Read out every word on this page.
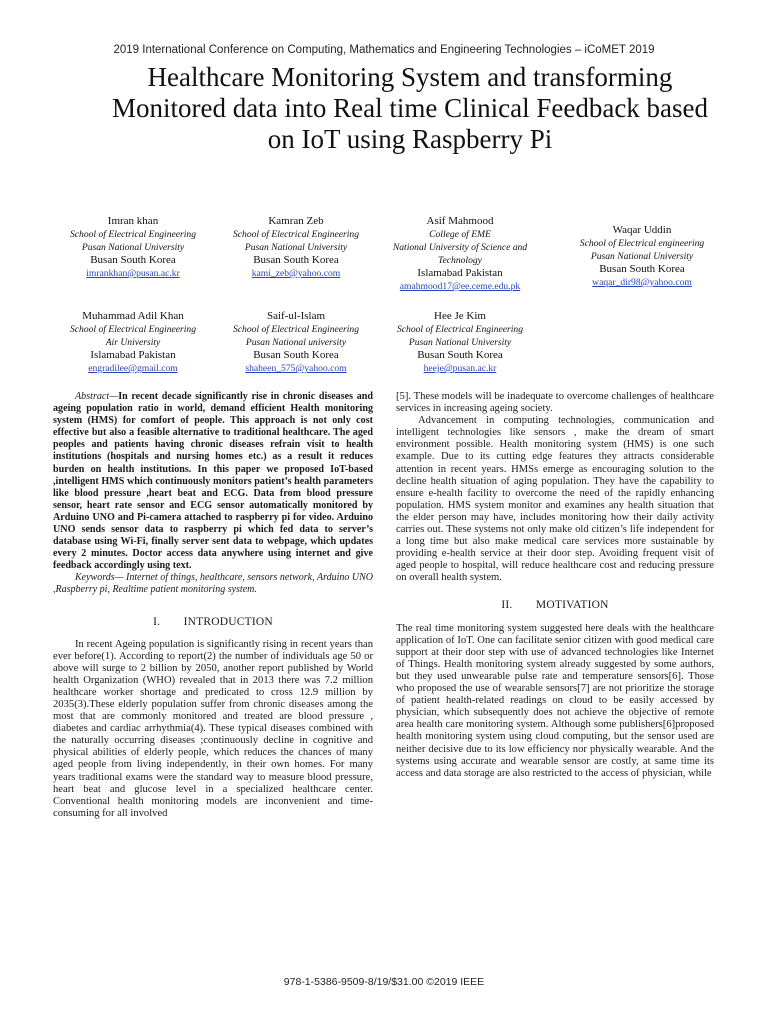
2019 International Conference on Computing, Mathematics and Engineering Technologies – iCoMET 2019
Healthcare Monitoring System and transforming Monitored data into Real time Clinical Feedback based on IoT using Raspberry Pi
Imran khan
School of Electrical Engineering
Pusan National University
Busan South Korea
imrankhan@pusan.ac.kr
Kamran Zeb
School of Electrical Engineering
Pusan National University
Busan South Korea
kami_zeb@yahoo.com
Asif Mahmood
College of EME
National University of Science and Technology
Islamabad Pakistan
amahmood17@ee.ceme.edu.pk
Waqar Uddin
School of Electrical engineering
Pusan National University
Busan South Korea
waqar_dir98@yahoo.com
Muhammad Adil Khan
School of Electrical Engineering
Air University
Islamabad Pakistan
engradilee@gmail.com
Saif-ul-Islam
School of Electrical Engineering
Pusan National university
Busan South Korea
shaheen_575@yahoo.com
Hee Je Kim
School of Electrical Engineering
Pusan National University
Busan South Korea
heeje@pusan.ac.kr

Abstract—In recent decade significantly rise in chronic diseases and ageing population ratio in world, demand efficient Health monitoring system (HMS) for comfort of people. This approach is not only cost effective but also a feasible alternative to traditional healthcare. The aged peoples and patients having chronic diseases refrain visit to health institutions (hospitals and nursing homes etc.) as a result it reduces burden on health institutions. In this paper we proposed IoT-based ,intelligent HMS which continuously monitors patient’s health parameters like blood pressure ,heart beat and ECG. Data from blood pressure sensor, heart rate sensor and ECG sensor automatically monitored by Arduino UNO and Pi-camera attached to raspberry pi for video. Arduino UNO sends sensor data to raspberry pi which fed data to server’s database using Wi-Fi, finally server sent data to webpage, which updates every 2 minutes. Doctor access data anywhere using internet and give feedback accordingly using text.

Keywords— Internet of things, healthcare, sensors network, Arduino UNO ,Raspberry pi, Realtime patient monitoring system.

I.  INTRODUCTION

In recent Ageing population is significantly rising in recent years than ever before(1). According to report(2) the number of individuals age 50 or above will surge to 2 billion by 2050, another report published by World health Organization (WHO) revealed that in 2013 there was 7.2 million healthcare worker shortage and predicated to cross 12.9 million by 2035(3).These elderly population suffer from chronic diseases among the most that are commonly monitored and treated are blood pressure , diabetes and cardiac arrhythmia(4). These typical diseases combined with the naturally occurring diseases ;continuously decline in cognitive and physical abilities of elderly people, which reduces the chances of many aged people from living independently, in their own homes. For many years traditional exams were the standard way to measure blood pressure, heart beat and glucose level in a specialized healthcare center. Conventional health monitoring models are inconvenient and time-consuming for all involved

[5]. These models will be inadequate to overcome challenges of healthcare services in increasing ageing society.

Advancement in computing technologies, communication and intelligent technologies like sensors , make the dream of smart environment possible. Health monitoring system (HMS) is one such example. Due to its cutting edge features they attracts considerable attention in recent years. HMSs emerge as encouraging solution to the decline health situation of aging population. They have the capability to ensure e-health facility to overcome the need of the rapidly enhancing population. HMS system monitor and examines any health situation that the elder person may have, includes monitoring how their daily activity carries out. These systems not only make old citizen’s life independent for a long time but also make medical care services more sustainable by providing e-health service at their door step. Avoiding frequent visit of aged people to hospital, will reduce healthcare cost and reducing pressure on overall health system.

II.  MOTIVATION

The real time monitoring system suggested here deals with the healthcare application of IoT. One can facilitate senior citizen with good medical care support at their door step with use of advanced technologies like Internet of Things. Health monitoring system already suggested by some authors, but they used unwearable pulse rate and temperature sensors[6]. Those who proposed the use of wearable sensors[7] are not prioritize the storage of patient health-related readings on cloud to be easily accessed by physician, which subsequently does not achieve the objective of remote area health care monitoring system. Although some publishers[6]proposed health monitoring system using cloud computing, but the sensor used are neither decisive due to its low efficiency nor physically wearable. And the systems using accurate and wearable sensor are costly, at same time its access and data storage are also restricted to the access of physician, while

978-1-5386-9509-8/19/$31.00 ©2019 IEEE
